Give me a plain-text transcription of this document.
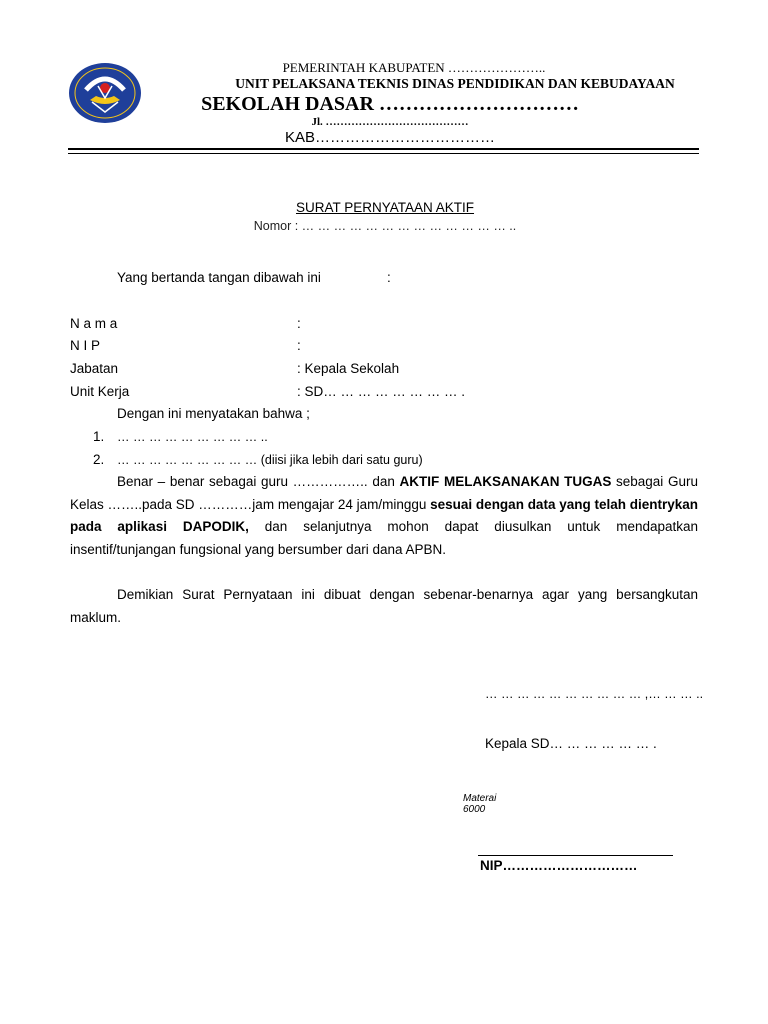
PEMERINTAH KABUPATEN …………………..
UNIT PELAKSANA TEKNIS DINAS PENDIDIKAN DAN KEBUDAYAAN
SEKOLAH DASAR …………………………
Jl. …………………………………
KAB………………………………
SURAT PERNYATAAN AKTIF
Nomor : … … … … … … … … … … … … … ..
Yang bertanda tangan dibawah ini	:
N a m a	:
N I P	:
Jabatan	: Kepala Sekolah
Unit Kerja	: SD… … … … … … … … .
Dengan ini menyatakan bahwa ;
1. … … … … … … … … … ..
2. … … … … … … … … … (diisi jika lebih dari satu guru)
Benar – benar sebagai guru …………….. dan AKTIF MELAKSANAKAN TUGAS sebagai Guru Kelas ……..pada SD …………jam mengajar 24 jam/minggu sesuai dengan data yang telah dientrykan pada aplikasi DAPODIK, dan selanjutnya mohon dapat diusulkan untuk mendapatkan insentif/tunjangan fungsional yang bersumber dari dana APBN.
Demikian Surat Pernyataan ini dibuat dengan sebenar-benarnya agar yang bersangkutan maklum.
… … … … … … … … … … ,… … … ..
Kepala SD… … … … … … .
Materai
6000
NIP…………………………
